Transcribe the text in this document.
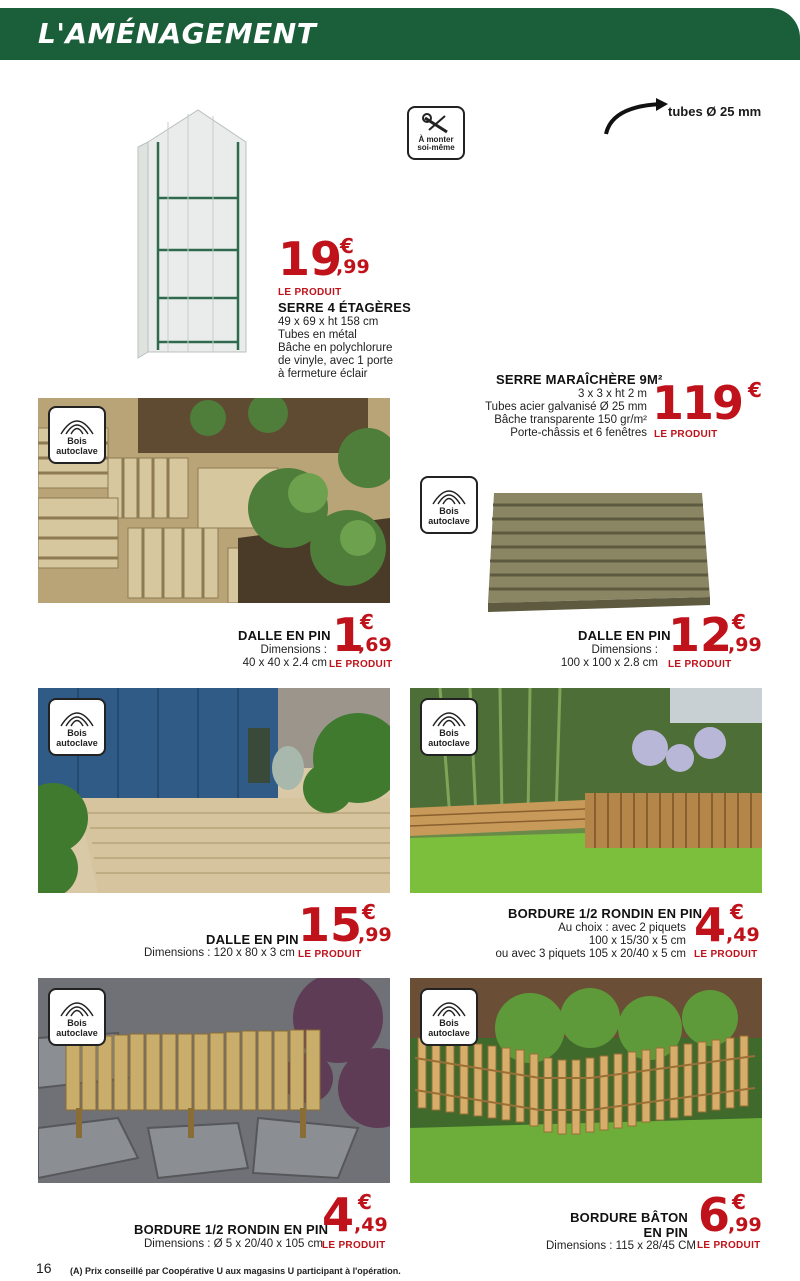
L'AMÉNAGEMENT
19
€
,99
LE PRODUIT
SERRE 4 ÉTAGÈRES
49 x 69 x ht 158 cm
Tubes en métal
Bâche en polychlorure
de vinyle, avec 1 porte
à fermeture éclair
À monter
soi-même
tubes Ø 25 mm
SERRE MARAÎCHÈRE 9M²
3 x 3 x ht 2 m
Tubes acier galvanisé Ø 25 mm
Bâche transparente 150 gr/m²
Porte-châssis et 6 fenêtres
119 €
LE PRODUIT
Bois
autoclave
DALLE EN PIN
Dimensions :
40 x 40 x 2.4 cm
1
€
,69
LE PRODUIT
Bois
autoclave
DALLE EN PIN
Dimensions :
100 x 100 x 2.8 cm
12 €
,99
LE PRODUIT
Bois
autoclave
DALLE EN PIN
Dimensions : 120 x 80 x 3 cm
15 €
,99
LE PRODUIT
Bois
autoclave
BORDURE 1/2 RONDIN EN PIN
Au choix : avec 2 piquets
100 x 15/30 x 5 cm
ou avec 3 piquets 105 x 20/40 x 5 cm
4 €
,49
LE PRODUIT
Bois
autoclave
BORDURE 1/2 RONDIN EN PIN
Dimensions : Ø 5 x 20/40 x 105 cm
4 €
,49
LE PRODUIT
Bois
autoclave
BORDURE BÂTON
EN PIN
Dimensions : 115 x 28/45 CM
6 €
,99
LE PRODUIT
16 (A) Prix conseillé par Coopérative U aux magasins U participant à l'opération.
